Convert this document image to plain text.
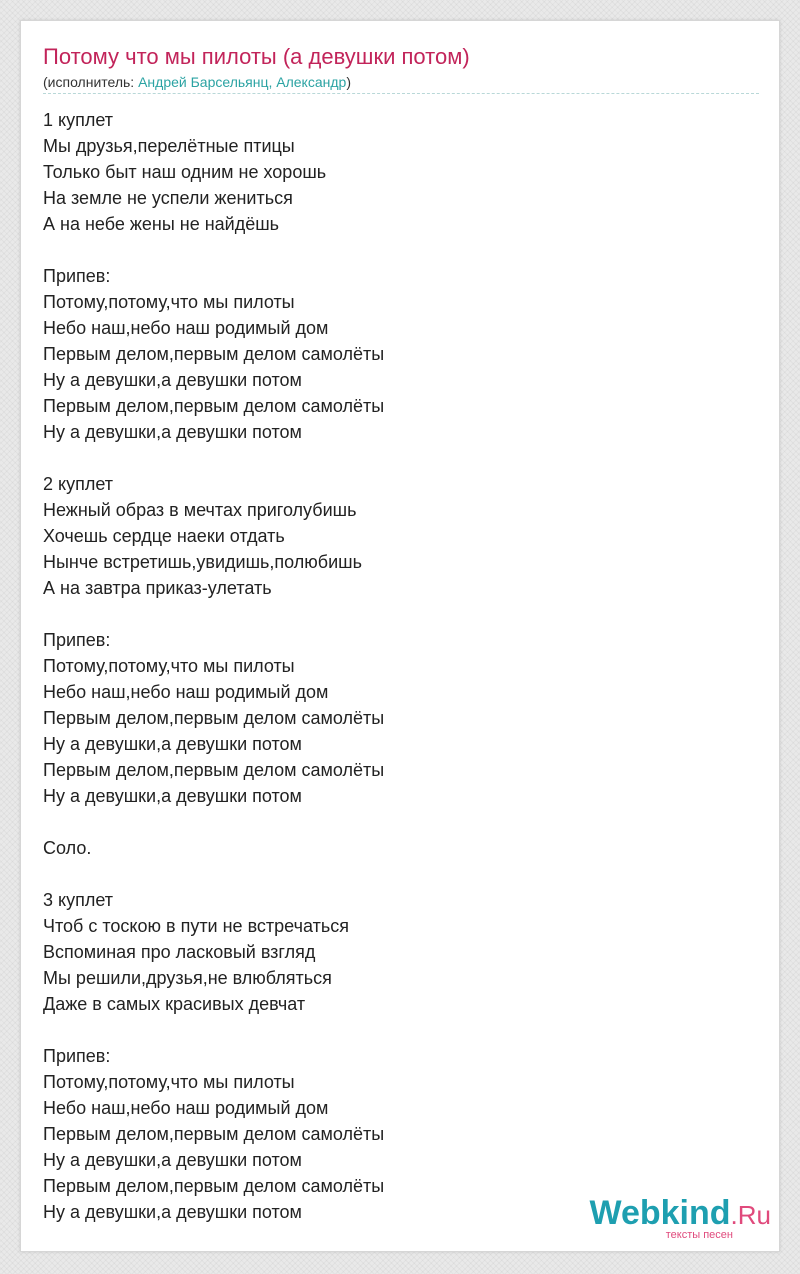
Потому что мы пилоты (а девушки потом)
(исполнитель: Андрей Барсельянц, Александр)
1 куплет
Мы друзья,перелётные птицы
Только быт наш одним не хорошь
На земле не успели жениться
А на небе жены не найдёшь
Припев:
Потому,потому,что мы пилоты
Небо наш,небо наш родимый дом
Первым делом,первым делом самолёты
Ну а девушки,а девушки потом
Первым делом,первым делом самолёты
Ну а девушки,а девушки потом
2 куплет
Нежный образ в мечтах приголубишь
Хочешь сердце наеки отдать
Нынче встретишь,увидишь,полюбишь
А на завтра приказ-улетать
Припев:
Потому,потому,что мы пилоты
Небо наш,небо наш родимый дом
Первым делом,первым делом самолёты
Ну а девушки,а девушки потом
Первым делом,первым делом самолёты
Ну а девушки,а девушки потом
Соло.
3 куплет
Чтоб с тоскою в пути не встречаться
Вспоминая про ласковый взгляд
Мы решили,друзья,не влюбляться
Даже в самых красивых девчат
Припев:
Потому,потому,что мы пилоты
Небо наш,небо наш родимый дом
Первым делом,первым делом самолёты
Ну а девушки,а девушки потом
Первым делом,первым делом самолёты
Ну а девушки,а девушки потом	Webkind.Ru
тексты песен
